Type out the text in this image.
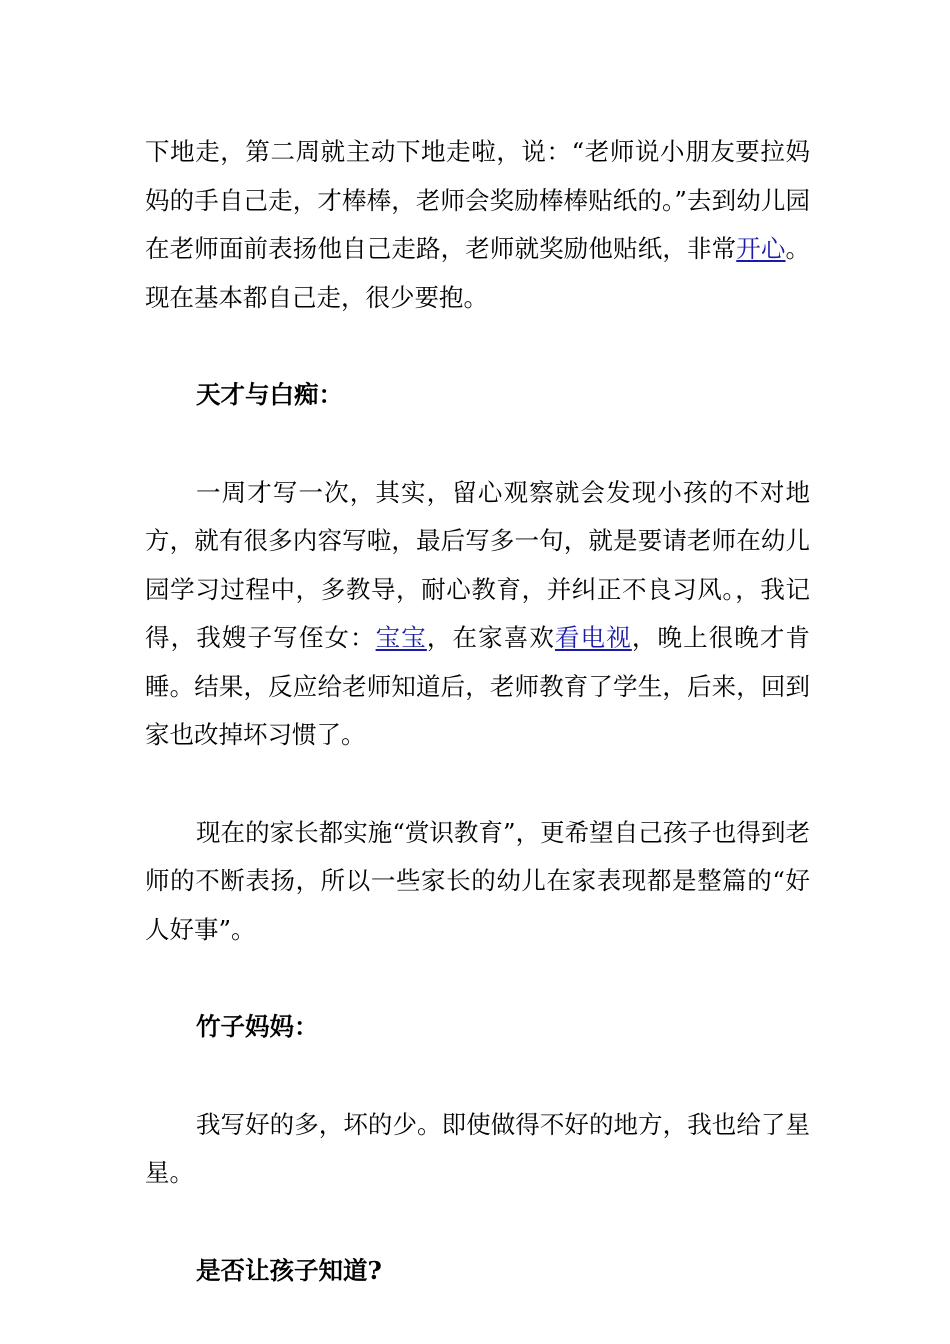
下地走，第二周就主动下地走啦，说：“老师说小朋友要拉妈妈的手自己走，才棒棒，老师会奖励棒棒贴纸的。”去到幼儿园在老师面前表扬他自己走路，老师就奖励他贴纸，非常开心。现在基本都自己走，很少要抱。

天才与白痴：

一周才写一次，其实，留心观察就会发现小孩的不对地方，就有很多内容写啦，最后写多一句，就是要请老师在幼儿园学习过程中，多教导，耐心教育，并纠正不良习风。，我记得，我嫂子写侄女：宝宝，在家喜欢看电视，晚上很晚才肯睡。结果，反应给老师知道后，老师教育了学生，后来，回到家也改掉坏习惯了。

现在的家长都实施“赏识教育”，更希望自己孩子也得到老师的不断表扬，所以一些家长的幼儿在家表现都是整篇的“好人好事”。

竹子妈妈：

我写好的多，坏的少。即使做得不好的地方，我也给了星星。

是否让孩子知道?
